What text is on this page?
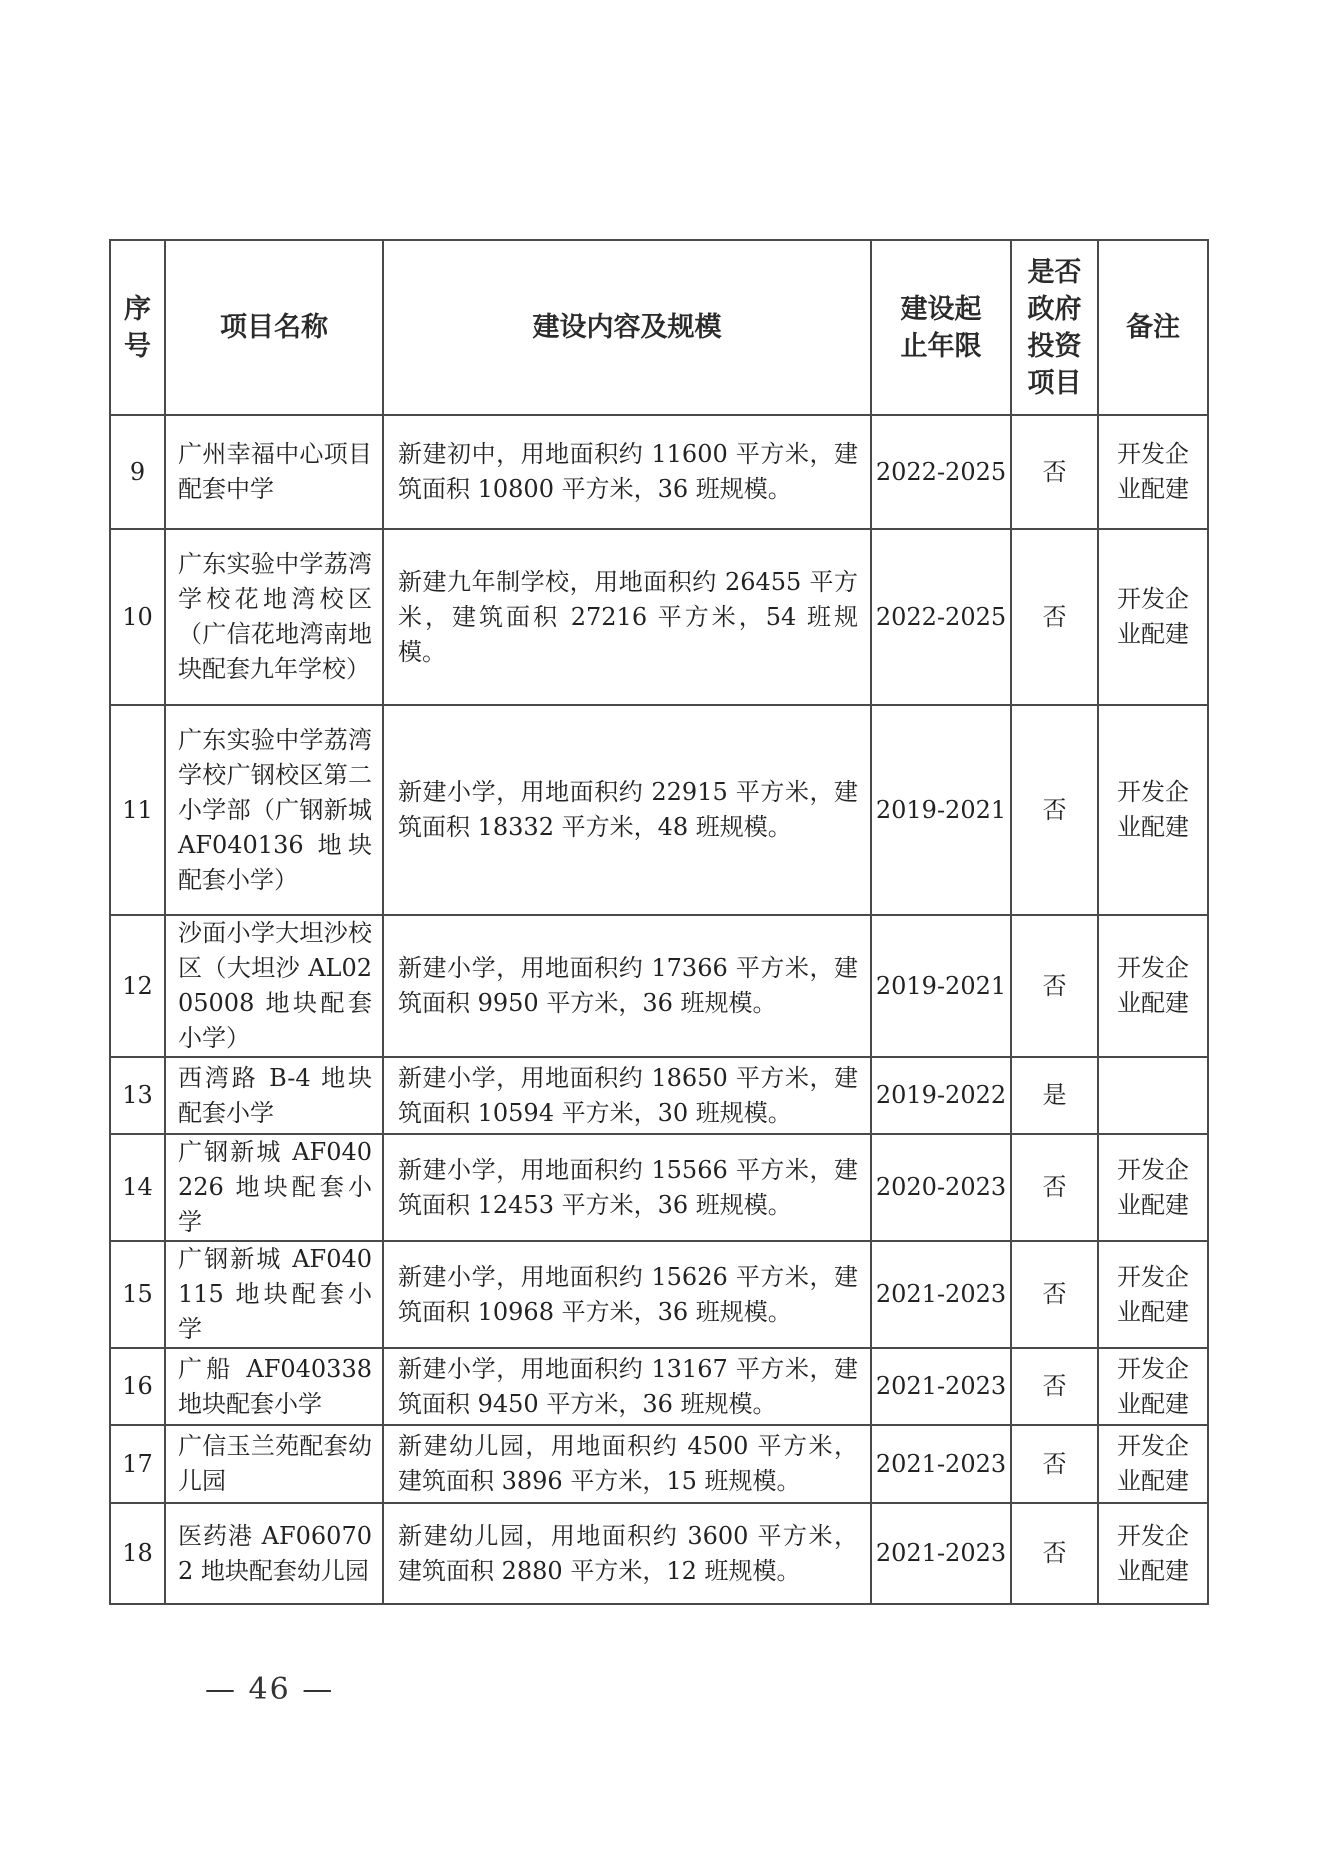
序号	项目名称	建设内容及规模	建设起止年限	是否政府投资项目	备注
9	广州幸福中心项目配套中学	新建初中，用地面积约 11600 平方米，建筑面积 10800 平方米，36 班规模。	2022-2025	否	开发企业配建
10	广东实验中学荔湾学校花地湾校区（广信花地湾南地块配套九年学校）	新建九年制学校，用地面积约 26455 平方米，建筑面积 27216 平方米，54 班规模。	2022-2025	否	开发企业配建
11	广东实验中学荔湾学校广钢校区第二小学部（广钢新城 AF040136 地块配套小学）	新建小学，用地面积约 22915 平方米，建筑面积 18332 平方米，48 班规模。	2019-2021	否	开发企业配建
12	沙面小学大坦沙校区（大坦沙 AL0205008 地块配套小学）	新建小学，用地面积约 17366 平方米，建筑面积 9950 平方米，36 班规模。	2019-2021	否	开发企业配建
13	西湾路 B-4 地块配套小学	新建小学，用地面积约 18650 平方米，建筑面积 10594 平方米，30 班规模。	2019-2022	是	
14	广钢新城 AF040226 地块配套小学	新建小学，用地面积约 15566 平方米，建筑面积 12453 平方米，36 班规模。	2020-2023	否	开发企业配建
15	广钢新城 AF040115 地块配套小学	新建小学，用地面积约 15626 平方米，建筑面积 10968 平方米，36 班规模。	2021-2023	否	开发企业配建
16	广船 AF040338 地块配套小学	新建小学，用地面积约 13167 平方米，建筑面积 9450 平方米，36 班规模。	2021-2023	否	开发企业配建
17	广信玉兰苑配套幼儿园	新建幼儿园，用地面积约 4500 平方米，建筑面积 3896 平方米，15 班规模。	2021-2023	否	开发企业配建
18	医药港 AF060702 地块配套幼儿园	新建幼儿园，用地面积约 3600 平方米，建筑面积 2880 平方米，12 班规模。	2021-2023	否	开发企业配建
— 46 —
